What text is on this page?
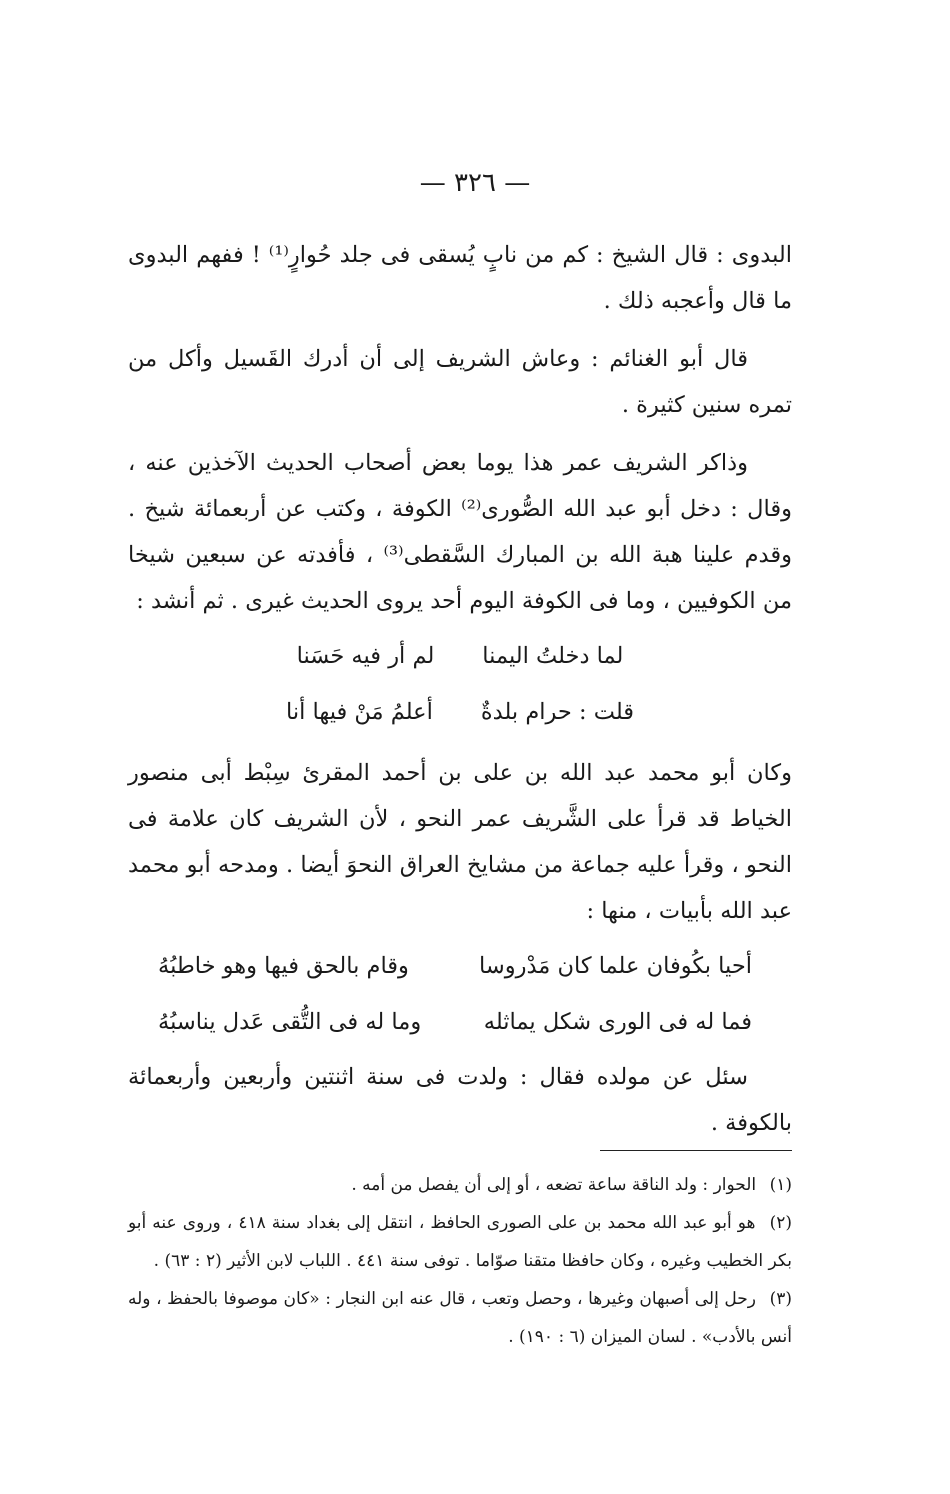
— ٣٢٦ —

البدوى : قال الشيخ : كم من نابٍ يُسقى فى جلد حُوارٍ⁽¹⁾ ! ففهم البدوى ما قال وأعجبه ذلك .

قال أبو الغنائم : وعاش الشريف إلى أن أدرك القَسيل وأكل من تمره سنين كثيرة .

وذاكر الشريف عمر هذا يوما بعض أصحاب الحديث الآخذين عنه ، وقال : دخل أبو عبد الله الصُّورى⁽²⁾ الكوفة ، وكتب عن أربعمائة شيخ . وقدم علينا هبة الله بن المبارك السَّقطى⁽³⁾ ، فأفدته عن سبعين شيخا من الكوفيين ، وما فى الكوفة اليوم أحد يروى الحديث غيرى . ثم أنشد :

لما دخلتُ اليمنا
لم أر فيه حَسَنا
قلت : حرام بلدةٌ
أعلمُ مَنْ فيها أنا

وكان أبو محمد عبد الله بن على بن أحمد المقرئ سِبْط أبى منصور الخياط قد قرأ على الشَّريف عمر النحو ، لأن الشريف كان علامة فى النحو ، وقرأ عليه جماعة من مشايخ العراق النحوَ أيضا . ومدحه أبو محمد عبد الله بأبيات ، منها :

أحيا بكُوفان علما كان مَدْروسا
وقام بالحق فيها وهو خاطبُهُ
فما له فى الورى شكل يماثله
وما له فى التُّقى عَدل يناسبُهُ

سئل عن مولده فقال : ولدت فى سنة اثنتين وأربعين وأربعمائة بالكوفة .

(١) الحوار : ولد الناقة ساعة تضعه ، أو إلى أن يفصل من أمه .

(٢) هو أبو عبد الله محمد بن على الصورى الحافظ ، انتقل إلى بغداد سنة ٤١٨ ، وروى عنه أبو بكر الخطيب وغيره ، وكان حافظا متقنا صوّاما . توفى سنة ٤٤١ . اللباب لابن الأثير (٢ : ٦٣) .

(٣) رحل إلى أصبهان وغيرها ، وحصل وتعب ، قال عنه ابن النجار : «كان موصوفا بالحفظ ، وله أنس بالأدب» . لسان الميزان (٦ : ١٩٠) .
